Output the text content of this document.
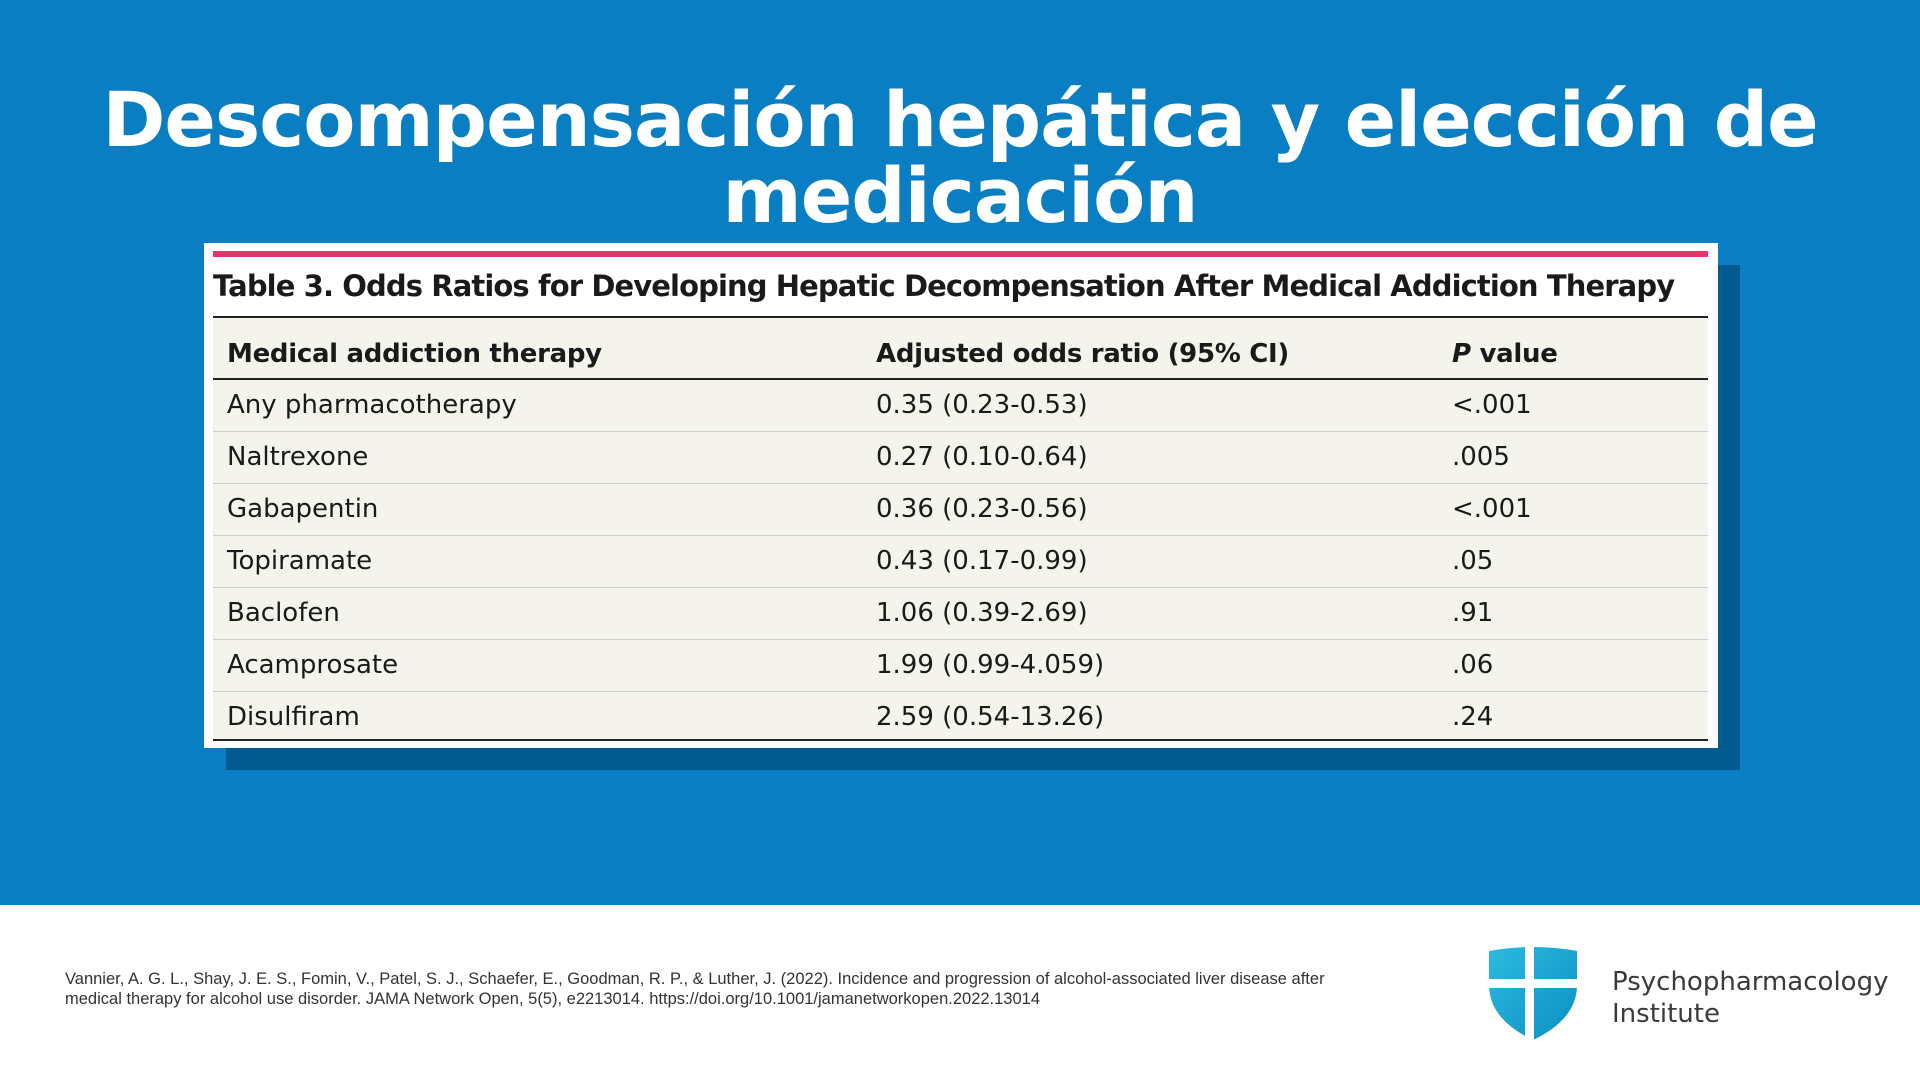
Descompensación hepática y elección de medicación
Table 3. Odds Ratios for Developing Hepatic Decompensation After Medical Addiction Therapy
Medical addiction therapy	Adjusted odds ratio (95% CI)	P value
Any pharmacotherapy	0.35 (0.23-0.53)	<.001
Naltrexone	0.27 (0.10-0.64)	.005
Gabapentin	0.36 (0.23-0.56)	<.001
Topiramate	0.43 (0.17-0.99)	.05
Baclofen	1.06 (0.39-2.69)	.91
Acamprosate	1.99 (0.99-4.059)	.06
Disulfiram	2.59 (0.54-13.26)	.24
Vannier, A. G. L., Shay, J. E. S., Fomin, V., Patel, S. J., Schaefer, E., Goodman, R. P., & Luther, J. (2022). Incidence and progression of alcohol-associated liver disease after medical therapy for alcohol use disorder. JAMA Network Open, 5(5), e2213014. https://doi.org/10.1001/jamanetworkopen.2022.13014
Psychopharmacology
Institute
